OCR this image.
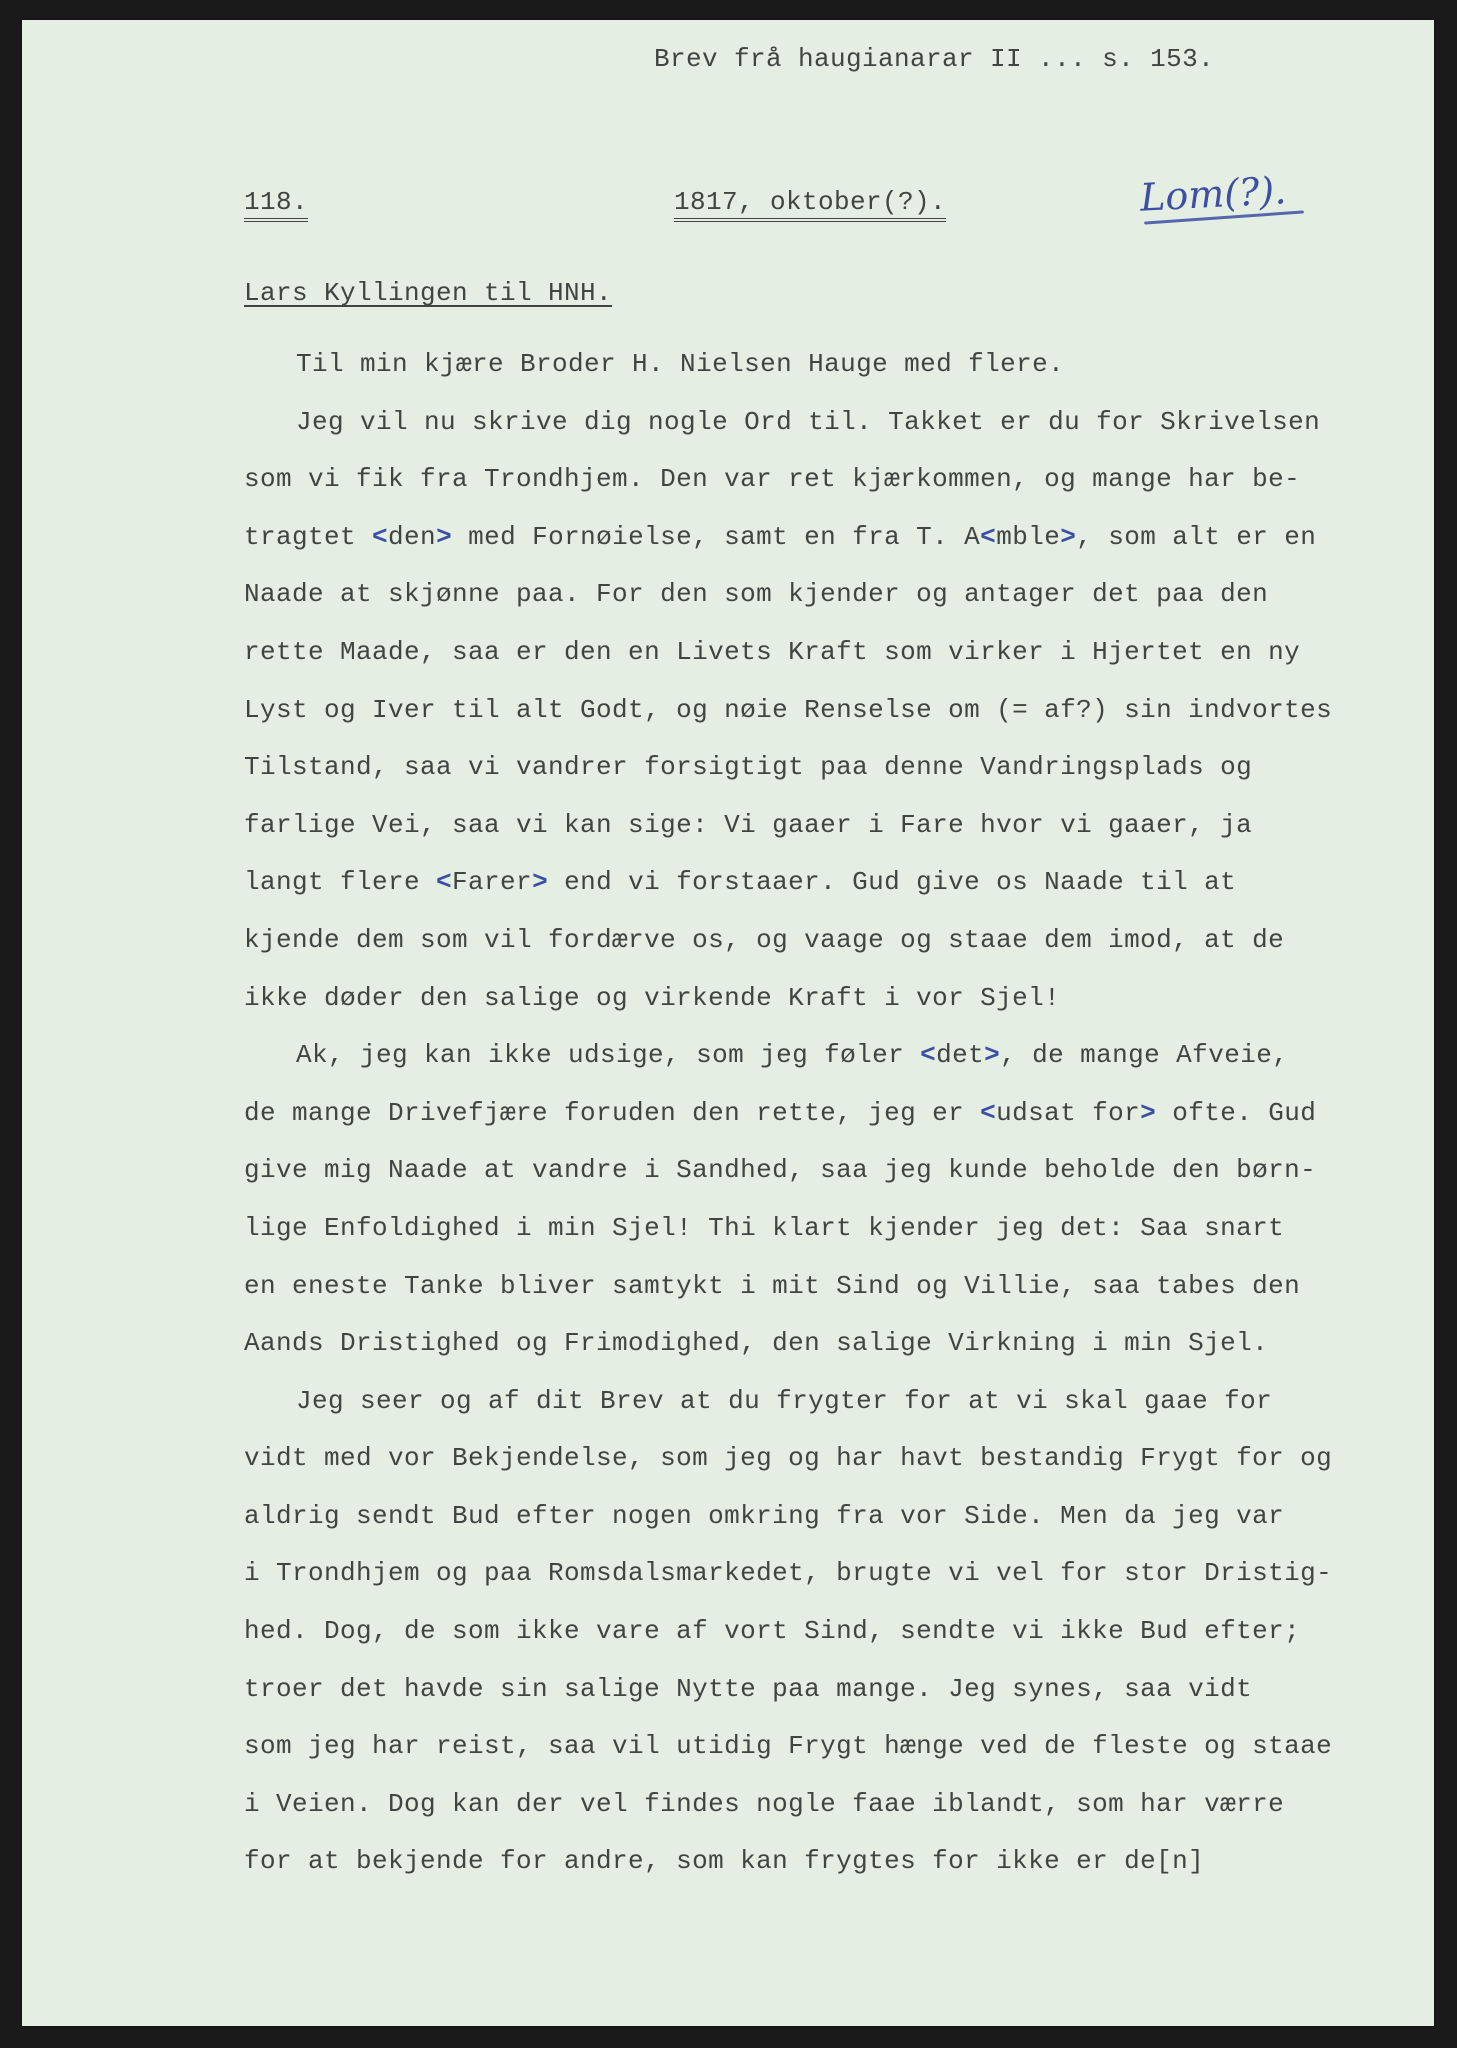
Brev frå haugianarar II ... s. 153.
118.	1817, oktober(?).	Lom(?).
Lars Kyllingen til HNH.
Til min kjære Broder H. Nielsen Hauge med flere.
Jeg vil nu skrive dig nogle Ord til. Takket er du for Skrivelsen
som vi fik fra Trondhjem. Den var ret kjærkommen, og mange har be-
tragtet <den> med Fornøielse, samt en fra T. A<mble>, som alt er en
Naade at skjønne paa. For den som kjender og antager det paa den
rette Maade, saa er den en Livets Kraft som virker i Hjertet en ny
Lyst og Iver til alt Godt, og nøie Renselse om (= af?) sin indvortes
Tilstand, saa vi vandrer forsigtigt paa denne Vandringsplads og
farlige Vei, saa vi kan sige: Vi gaaer i Fare hvor vi gaaer, ja
langt flere <Farer> end vi forstaaer. Gud give os Naade til at
kjende dem som vil fordærve os, og vaage og staae dem imod, at de
ikke døder den salige og virkende Kraft i vor Sjel!
Ak, jeg kan ikke udsige, som jeg føler <det>, de mange Afveie,
de mange Drivefjære foruden den rette, jeg er <udsat for> ofte. Gud
give mig Naade at vandre i Sandhed, saa jeg kunde beholde den børn-
lige Enfoldighed i min Sjel! Thi klart kjender jeg det: Saa snart
en eneste Tanke bliver samtykt i mit Sind og Villie, saa tabes den
Aands Dristighed og Frimodighed, den salige Virkning i min Sjel.
Jeg seer og af dit Brev at du frygter for at vi skal gaae for
vidt med vor Bekjendelse, som jeg og har havt bestandig Frygt for og
aldrig sendt Bud efter nogen omkring fra vor Side. Men da jeg var
i Trondhjem og paa Romsdalsmarkedet, brugte vi vel for stor Dristig-
hed. Dog, de som ikke vare af vort Sind, sendte vi ikke Bud efter;
troer det havde sin salige Nytte paa mange. Jeg synes, saa vidt
som jeg har reist, saa vil utidig Frygt hænge ved de fleste og staae
i Veien. Dog kan der vel findes nogle faae iblandt, som har værre
for at bekjende for andre, som kan frygtes for ikke er de[n]
